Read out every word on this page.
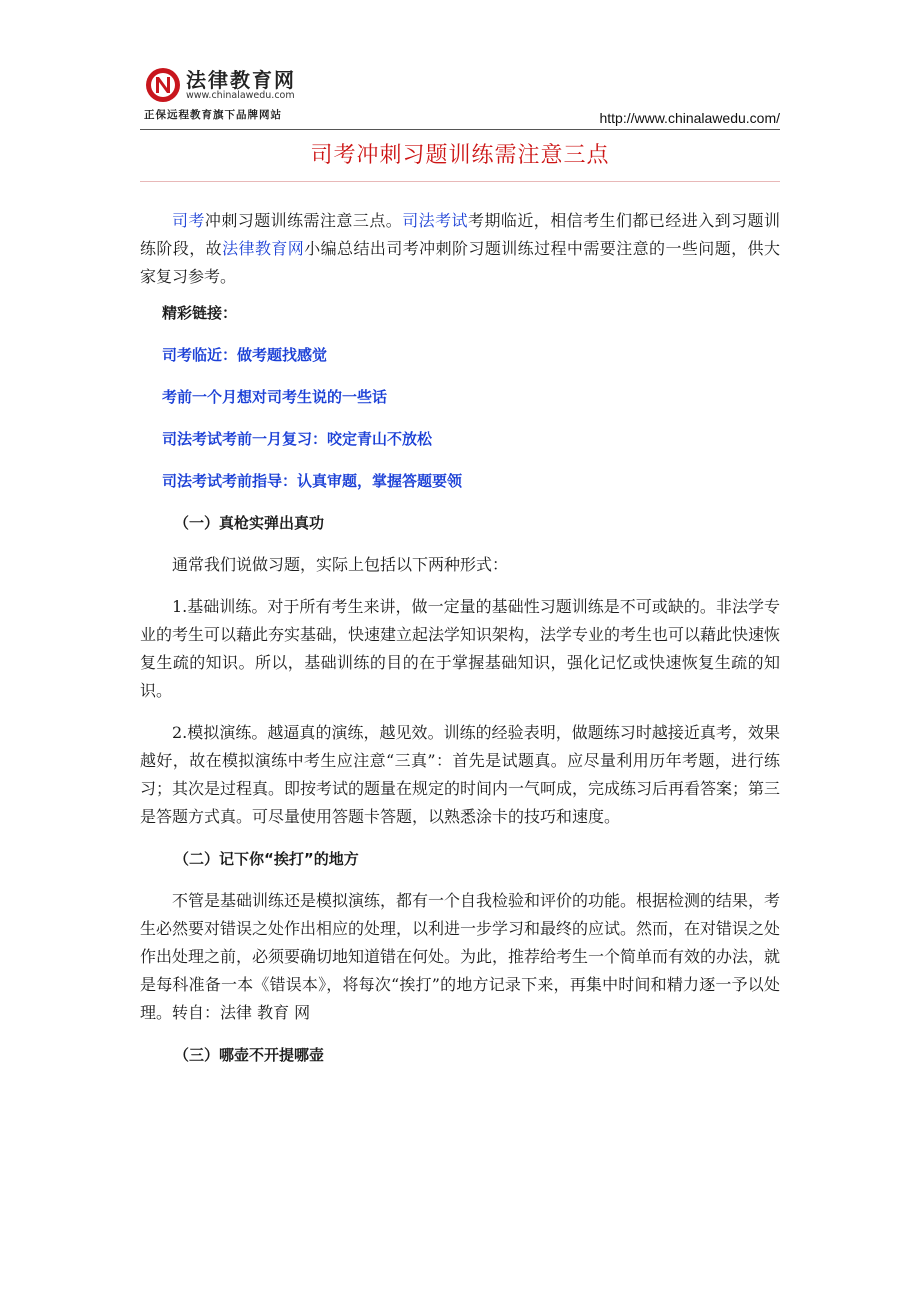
法律教育网
www.chinalawedu.com
正保远程教育旗下品牌网站	http://www.chinalawedu.com/
司考冲刺习题训练需注意三点

司考冲刺习题训练需注意三点。司法考试考期临近，相信考生们都已经进入到习题训练阶段，故法律教育网小编总结出司考冲刺阶习题训练过程中需要注意的一些问题，供大家复习参考。

精彩链接：

司考临近：做考题找感觉

考前一个月想对司考生说的一些话

司法考试考前一月复习：咬定青山不放松

司法考试考前指导：认真审题，掌握答题要领

（一）真枪实弹出真功

通常我们说做习题，实际上包括以下两种形式：

1.基础训练。对于所有考生来讲，做一定量的基础性习题训练是不可或缺的。非法学专业的考生可以藉此夯实基础，快速建立起法学知识架构，法学专业的考生也可以藉此快速恢复生疏的知识。所以，基础训练的目的在于掌握基础知识，强化记忆或快速恢复生疏的知识。

2.模拟演练。越逼真的演练，越见效。训练的经验表明，做题练习时越接近真考，效果越好，故在模拟演练中考生应注意“三真”：首先是试题真。应尽量利用历年考题，进行练习；其次是过程真。即按考试的题量在规定的时间内一气呵成，完成练习后再看答案；第三是答题方式真。可尽量使用答题卡答题，以熟悉涂卡的技巧和速度。

（二）记下你“挨打”的地方

不管是基础训练还是模拟演练，都有一个自我检验和评价的功能。根据检测的结果，考生必然要对错误之处作出相应的处理，以利进一步学习和最终的应试。然而，在对错误之处作出处理之前，必须要确切地知道错在何处。为此，推荐给考生一个简单而有效的办法，就是每科准备一本《错误本》，将每次“挨打”的地方记录下来，再集中时间和精力逐一予以处理。转自：法律 教育 网

（三）哪壶不开提哪壶
